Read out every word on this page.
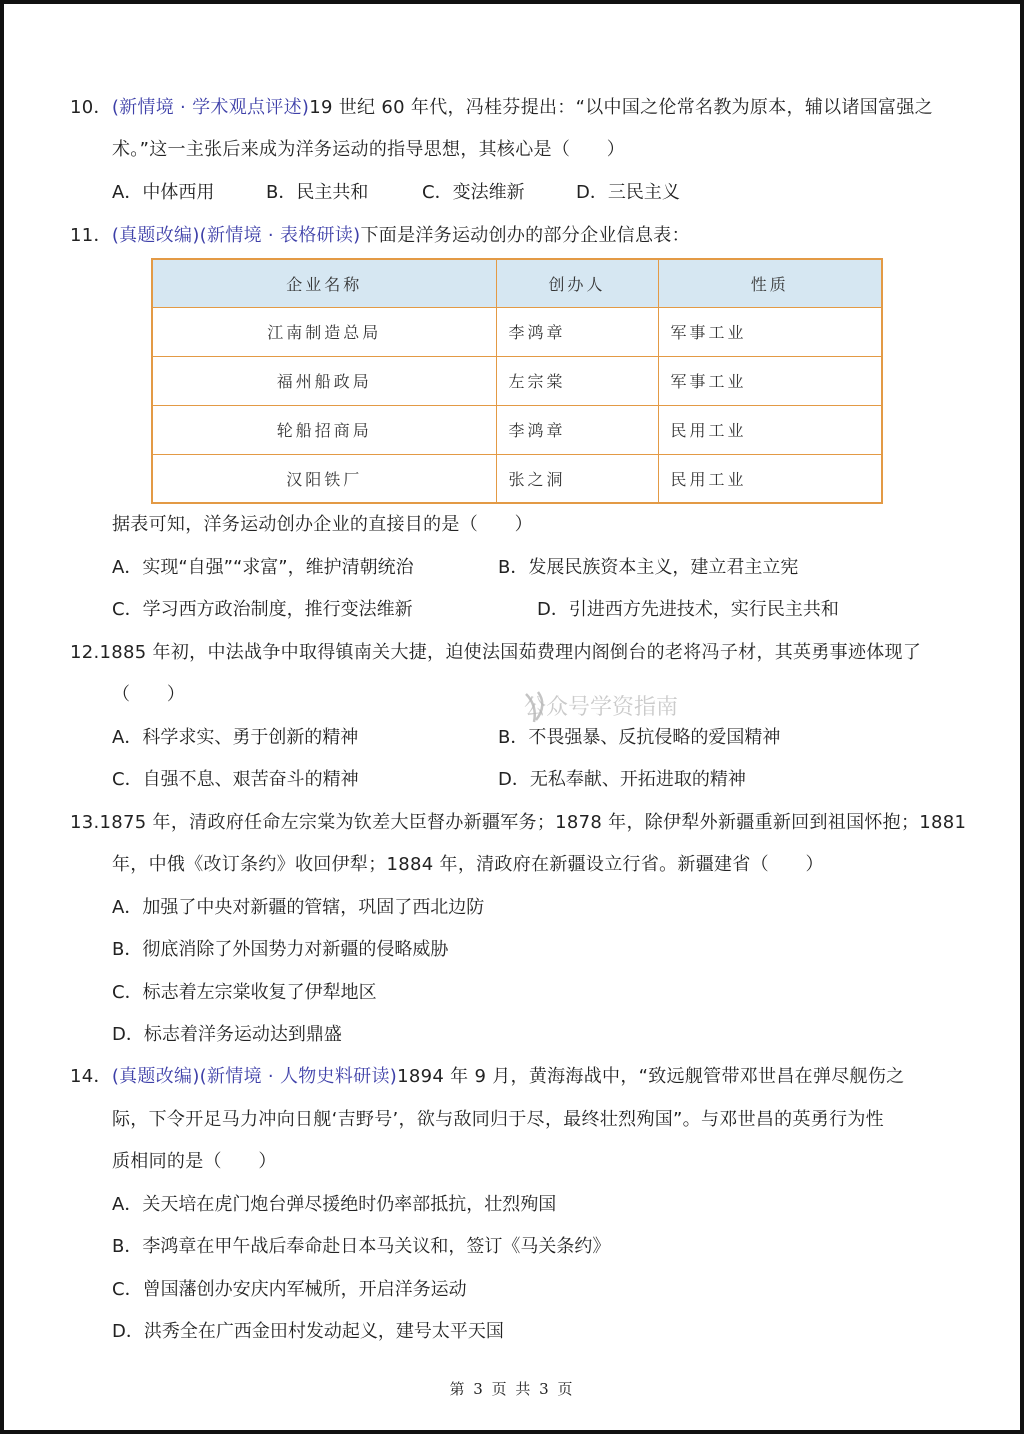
10．(新情境 · 学术观点评述)19 世纪 60 年代，冯桂芬提出：“以中国之伦常名教为原本，辅以诸国富强之
术。”这一主张后来成为洋务运动的指导思想，其核心是（　　）
A．中体西用	B．民主共和	C．变法维新	D．三民主义
11．(真题改编)(新情境 · 表格研读)下面是洋务运动创办的部分企业信息表：
企业名称	创办人	性质
江南制造总局	李鸿章	军事工业
福州船政局	左宗棠	军事工业
轮船招商局	李鸿章	民用工业
汉阳铁厂	张之洞	民用工业
据表可知，洋务运动创办企业的直接目的是（　　）
A．实现“自强”“求富”，维护清朝统治	B．发展民族资本主义，建立君主立宪
C．学习西方政治制度，推行变法维新	D．引进西方先进技术，实行民主共和
12.1885 年初，中法战争中取得镇南关大捷，迫使法国茹费理内阁倒台的老将冯子材，其英勇事迹体现了
（　　）
A．科学求实、勇于创新的精神	B．不畏强暴、反抗侵略的爱国精神
C．自强不息、艰苦奋斗的精神	D．无私奉献、开拓进取的精神
公众号学资指南
13.1875 年，清政府任命左宗棠为钦差大臣督办新疆军务；1878 年，除伊犁外新疆重新回到祖国怀抱；1881
年，中俄《改订条约》收回伊犁；1884 年，清政府在新疆设立行省。新疆建省（　　）
A．加强了中央对新疆的管辖，巩固了西北边防
B．彻底消除了外国势力对新疆的侵略威胁
C．标志着左宗棠收复了伊犁地区
D．标志着洋务运动达到鼎盛
14．(真题改编)(新情境 · 人物史料研读)1894 年 9 月，黄海海战中，“致远舰管带邓世昌在弹尽舰伤之
际，下令开足马力冲向日舰‘吉野号’，欲与敌同归于尽，最终壮烈殉国”。与邓世昌的英勇行为性
质相同的是（　　）
A．关天培在虎门炮台弹尽援绝时仍率部抵抗，壮烈殉国
B．李鸿章在甲午战后奉命赴日本马关议和，签订《马关条约》
C．曾国藩创办安庆内军械所，开启洋务运动
D．洪秀全在广西金田村发动起义，建号太平天国
第 3 页 共 3 页
